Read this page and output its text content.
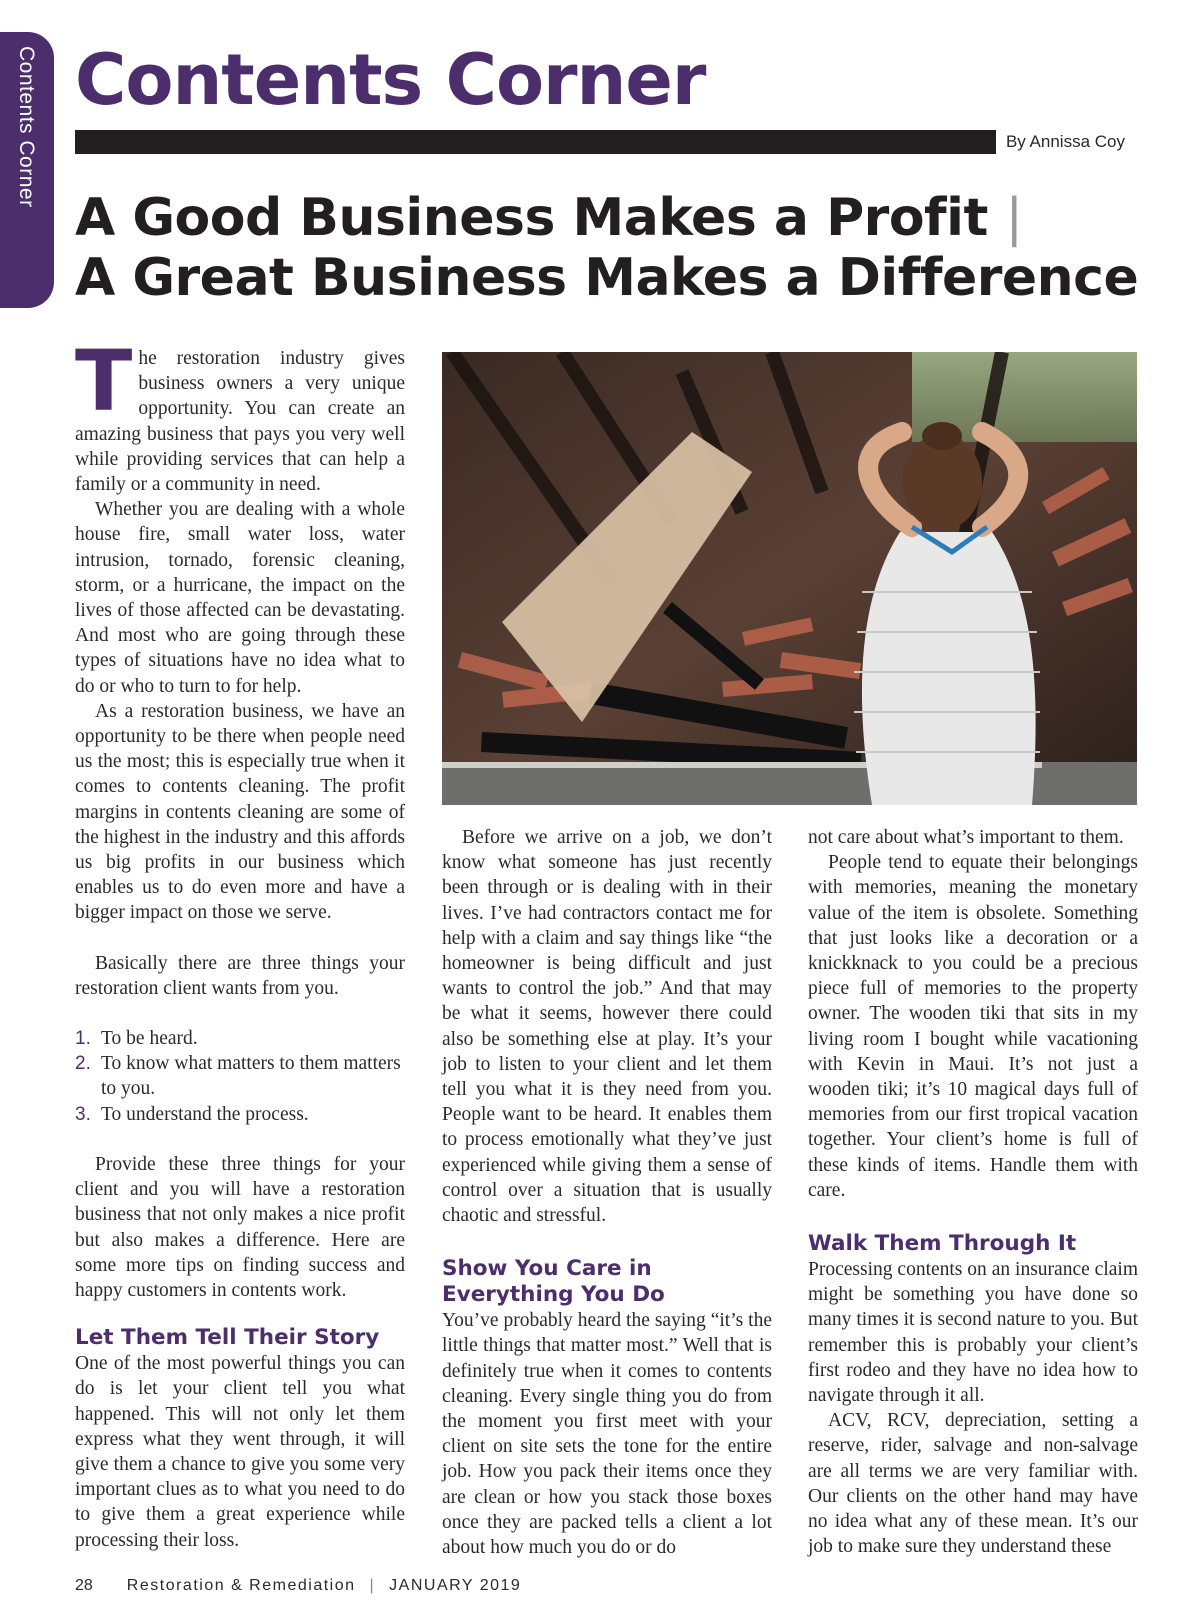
Contents Corner Contents Corner
By Annissa Coy
A Good Business Makes a Profit |
A Great Business Makes a Difference

The restoration industry gives business owners a very unique opportunity. You can create an amazing business that pays you very well while providing services that can help a family or a community in need.

Whether you are dealing with a whole house fire, small water loss, water intrusion, tornado, forensic cleaning, storm, or a hurricane, the impact on the lives of those affected can be devastating. And most who are going through these types of situations have no idea what to do or who to turn to for help.

As a restoration business, we have an opportunity to be there when people need us the most; this is especially true when it comes to contents cleaning. The profit margins in contents cleaning are some of the highest in the industry and this affords us big profits in our business which enables us to do even more and have a bigger impact on those we serve.

Basically there are three things your restoration client wants from you.

1. To be heard.
2. To know what matters to them matters to you.
3. To understand the process.

Provide these three things for your client and you will have a restoration business that not only makes a nice profit but also makes a difference. Here are some more tips on finding success and happy customers in contents work.

Let Them Tell Their Story

One of the most powerful things you can do is let your client tell you what happened. This will not only let them express what they went through, it will give them a chance to give you some very important clues as to what you need to do to give them a great experience while processing their loss.

Before we arrive on a job, we don’t know what someone has just recently been through or is dealing with in their lives. I’ve had contractors contact me for help with a claim and say things like “the homeowner is being difficult and just wants to control the job.” And that may be what it seems, however there could also be something else at play. It’s your job to listen to your client and let them tell you what it is they need from you. People want to be heard. It enables them to process emotionally what they’ve just experienced while giving them a sense of control over a situation that is usually chaotic and stressful.

Show You Care in Everything You Do

You’ve probably heard the saying “it’s the little things that matter most.” Well that is definitely true when it comes to contents cleaning. Every single thing you do from the moment you first meet with your client on site sets the tone for the entire job. How you pack their items once they are clean or how you stack those boxes once they are packed tells a client a lot about how much you do or do

not care about what’s important to them.

People tend to equate their belongings with memories, meaning the monetary value of the item is obsolete. Something that just looks like a decoration or a knickknack to you could be a precious piece full of memories to the property owner. The wooden tiki that sits in my living room I bought while vacationing with Kevin in Maui. It’s not just a wooden tiki; it’s 10 magical days full of memories from our first tropical vacation together. Your client’s home is full of these kinds of items. Handle them with care.

Walk Them Through It

Processing contents on an insurance claim might be something you have done so many times it is second nature to you. But remember this is probably your client’s first rodeo and they have no idea how to navigate through it all.

ACV, RCV, depreciation, setting a reserve, rider, salvage and non-salvage are all terms we are very familiar with. Our clients on the other hand may have no idea what any of these mean. It’s our job to make sure they understand these

28 Restoration & Remediation | JANUARY 2019
